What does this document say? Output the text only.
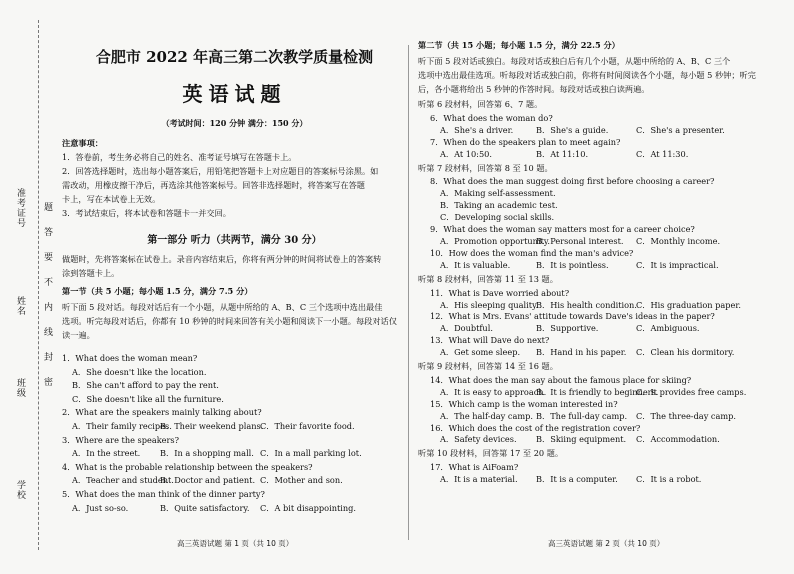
准考证号
姓名
班级
学校
题
答
要
不
内
线
封
密
合肥市 2022 年高三第二次教学质量检测
英语试题
（考试时间：120 分钟 满分：150 分）
注意事项：
1．答卷前，考生务必将自己的姓名、准考证号填写在答题卡上。
2．回答选择题时，选出每小题答案后，用铅笔把答题卡上对应题目的答案标号涂黑。如
需改动，用橡皮擦干净后，再选涂其他答案标号。回答非选择题时，将答案写在答题
卡上，写在本试卷上无效。
3．考试结束后，将本试卷和答题卡一并交回。
第一部分 听力（共两节，满分 30 分）
做题时，先将答案标在试卷上。录音内容结束后，你将有两分钟的时间将试卷上的答案转
涂到答题卡上。
第一节（共 5 小题；每小题 1.5 分，满分 7.5 分）
听下面 5 段对话。每段对话后有一个小题，从题中所给的 A、B、C 三个选项中选出最佳
选项。听完每段对话后，你都有 10 秒钟的时间来回答有关小题和阅读下一小题。每段对话仅
读一遍。
1．What does the woman mean?
A．She doesn't like the location.
B．She can't afford to pay the rent.
C．She doesn't like all the furniture.
2．What are the speakers mainly talking about?
A．Their family recipes.
B．Their weekend plans.
C．Their favorite food.
3．Where are the speakers?
A．In the street.	B．In a shopping mall. C．In a mall parking lot.
4．What is the probable relationship between the speakers?
A．Teacher and student.
B．Doctor and patient. C．Mother and son.
5．What does the man think of the dinner party?
A．Just so-so.	B．Quite satisfactory.	C．A bit disappointing.
高三英语试题 第 1 页（共 10 页）
第二节（共 15 小题；每小题 1.5 分，满分 22.5 分）
听下面 5 段对话或独白。每段对话或独白后有几个小题，从题中所给的 A、B、C 三个
选项中选出最佳选项。听每段对话或独白前，你将有时间阅读各个小题，每小题 5 秒钟；听完
后，各小题将给出 5 秒钟的作答时间。每段对话或独白读两遍。
听第 6 段材料，回答第 6、7 题。
6．What does the woman do?
A．She's a driver.	B．She's a guide.	C．She's a presenter.
7．When do the speakers plan to meet again?
A．At 10:50.	B．At 11:10.	C．At 11:30.
听第 7 段材料，回答第 8 至 10 题。
8．What does the man suggest doing first before choosing a career?
A．Making self-assessment.
B．Taking an academic test.
C．Developing social skills.
9．What does the woman say matters most for a career choice?
A．Promotion opportunity.
B．Personal interest.	C．Monthly income.
10．How does the woman find the man's advice?
A．It is valuable.	B．It is pointless.	C．It is impractical.
听第 8 段材料，回答第 11 至 13 题。
11．What is Dave worried about?
A．His sleeping quality.
B．His health condition. C．His graduation paper.
12．What is Mrs. Evans' attitude towards Dave's ideas in the paper?
A．Doubtful.	B．Supportive.	C．Ambiguous.
13．What will Dave do next?
A．Get some sleep.	B．Hand in his paper.	C．Clean his dormitory.
听第 9 段材料，回答第 14 至 16 题。
14．What does the man say about the famous place for skiing?
A．It is easy to approach.
B．It is friendly to beginners.
C．It provides free camps.
15．Which camp is the woman interested in?
A．The half-day camp. B．The full-day camp.	C．The three-day camp.
16．Which does the cost of the registration cover?
A．Safety devices.	B．Skiing equipment.	C．Accommodation.
听第 10 段材料，回答第 17 至 20 题。
17．What is AiFoam?
A．It is a material.	B．It is a computer.	C．It is a robot.
高三英语试题 第 2 页（共 10 页）
